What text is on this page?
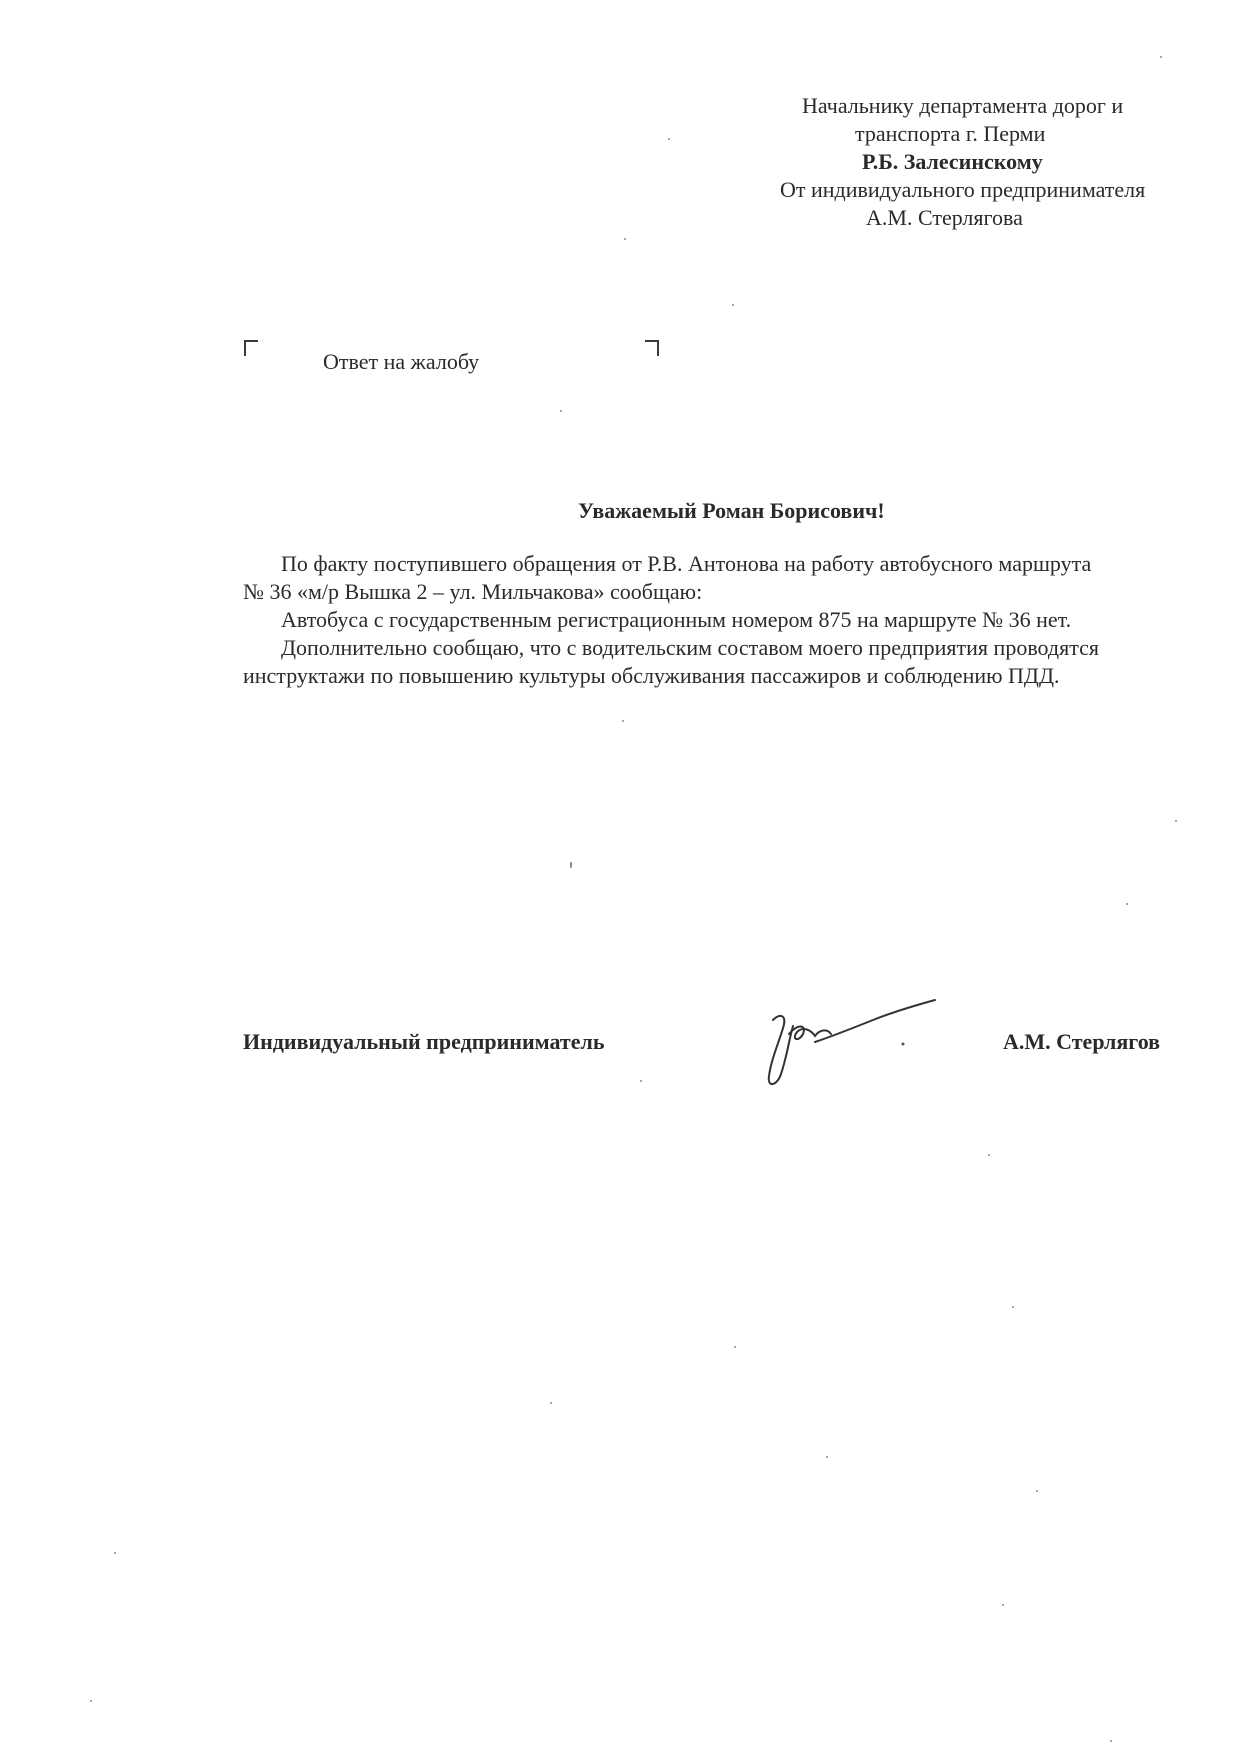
Начальнику департамента дорог и
транспорта г. Перми
Р.Б. Залесинскому
От индивидуального предпринимателя
А.М. Стерлягова
Ответ на жалобу
Уважаемый Роман Борисович!
По факту поступившего обращения от Р.В. Антонова на работу автобусного маршрута
№ 36 «м/р Вышка 2 – ул. Мильчакова» сообщаю:
Автобуса с государственным регистрационным номером 875 на маршруте № 36 нет.
Дополнительно сообщаю, что с водительским составом моего предприятия проводятся
инструктажи по повышению культуры обслуживания пассажиров и соблюдению ПДД.
Индивидуальный предприниматель	А.М. Стерлягов
